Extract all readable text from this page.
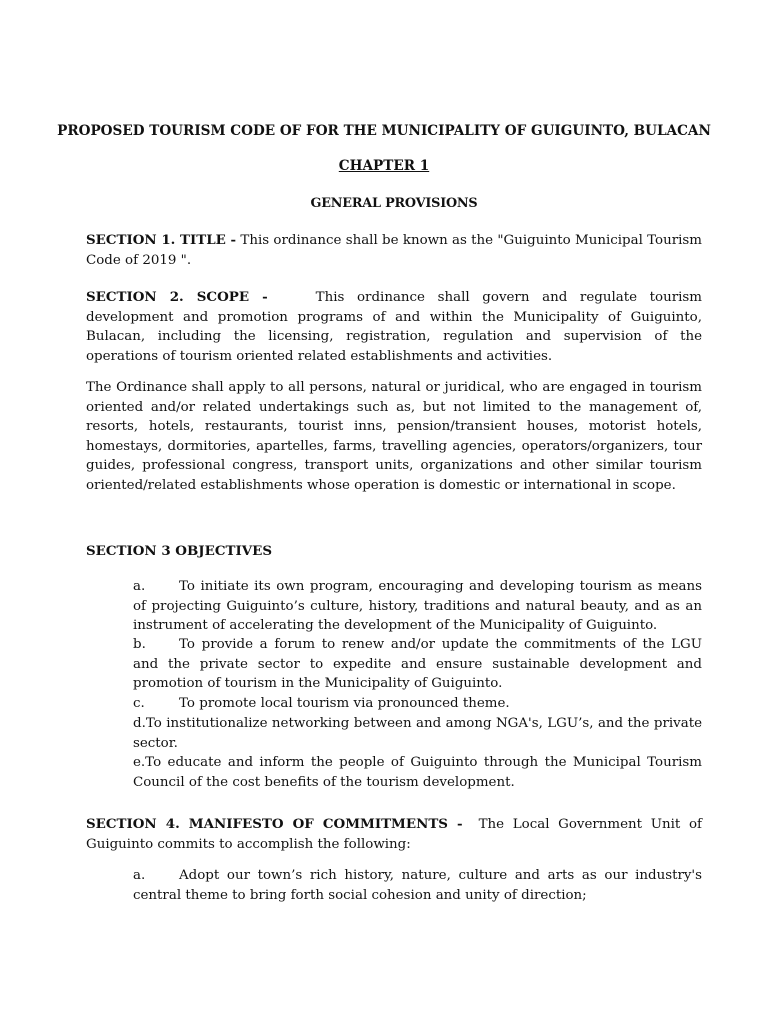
PROPOSED TOURISM CODE OF FOR THE MUNICIPALITY OF GUIGUINTO, BULACAN
CHAPTER 1
GENERAL PROVISIONS
SECTION 1. TITLE - This ordinance shall be known as the "Guiguinto Municipal Tourism Code of 2019 ".
SECTION 2. SCOPE -	This ordinance shall govern and regulate tourism development and promotion programs of and within the Municipality of Guiguinto, Bulacan, including the licensing, registration, regulation and supervision of the operations of tourism oriented related establishments and activities.
The Ordinance shall apply to all persons, natural or juridical, who are engaged in tourism oriented and/or related undertakings such as, but not limited to the management of, resorts, hotels, restaurants, tourist inns, pension/transient houses, motorist hotels, homestays, dormitories, apartelles, farms, travelling agencies, operators/organizers, tour guides, professional congress, transport units, organizations and other similar tourism oriented/related establishments whose operation is domestic or international in scope.
SECTION 3 OBJECTIVES
a.	To initiate its own program, encouraging and developing tourism as means of projecting Guiguinto’s culture, history, traditions and natural beauty, and as an instrument of accelerating the development of the Municipality of Guiguinto.
b. To provide a forum to renew and/or update the commitments of the LGU and the private sector to expedite and ensure sustainable development and promotion of tourism in the Municipality of Guiguinto.
c.	To promote local tourism via pronounced theme.
d.To institutionalize networking between and among NGA's, LGU’s, and the private sector.
e.To educate and inform the people of Guiguinto through the Municipal Tourism Council of the cost benefits of the tourism development.
SECTION 4. MANIFESTO OF COMMITMENTS - The Local Government Unit of Guiguinto commits to accomplish the following:
a.	Adopt our town’s rich history, nature, culture and arts as our industry's central theme to bring forth social cohesion and unity of direction;
